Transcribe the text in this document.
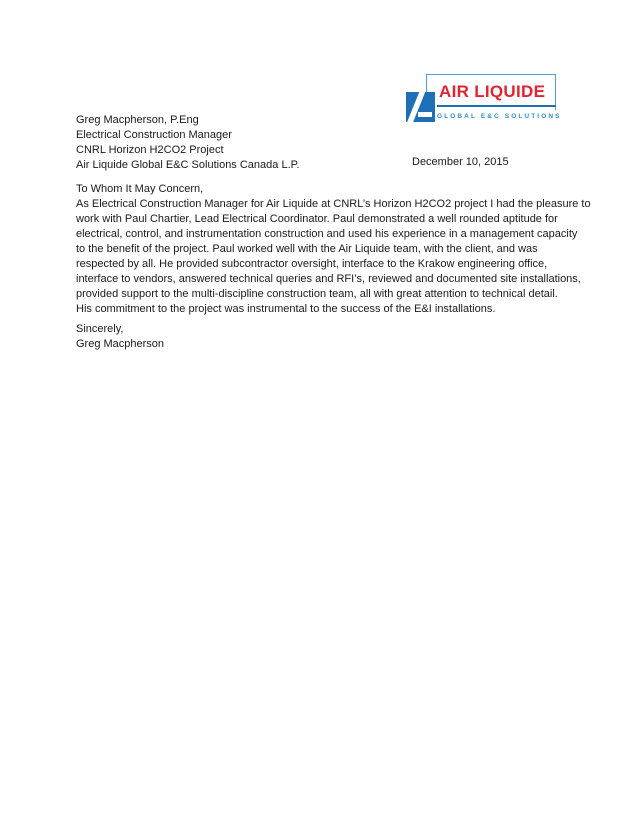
AIR LIQUIDE
GLOBAL E&C SOLUTIONS
Greg Macpherson, P.Eng
Electrical Construction Manager
CNRL Horizon H2CO2 Project
Air Liquide Global E&C Solutions Canada L.P.	December 10, 2015
To Whom It May Concern,
As Electrical Construction Manager for Air Liquide at CNRL’s Horizon H2CO2 project I had the pleasure to
work with Paul Chartier, Lead Electrical Coordinator. Paul demonstrated a well rounded aptitude for
electrical, control, and instrumentation construction and used his experience in a management capacity
to the benefit of the project. Paul worked well with the Air Liquide team, with the client, and was
respected by all. He provided subcontractor oversight, interface to the Krakow engineering office,
interface to vendors, answered technical queries and RFI’s, reviewed and documented site installations,
provided support to the multi-discipline construction team, all with great attention to technical detail.
His commitment to the project was instrumental to the success of the E&I installations.
Sincerely,
Greg Macpherson
